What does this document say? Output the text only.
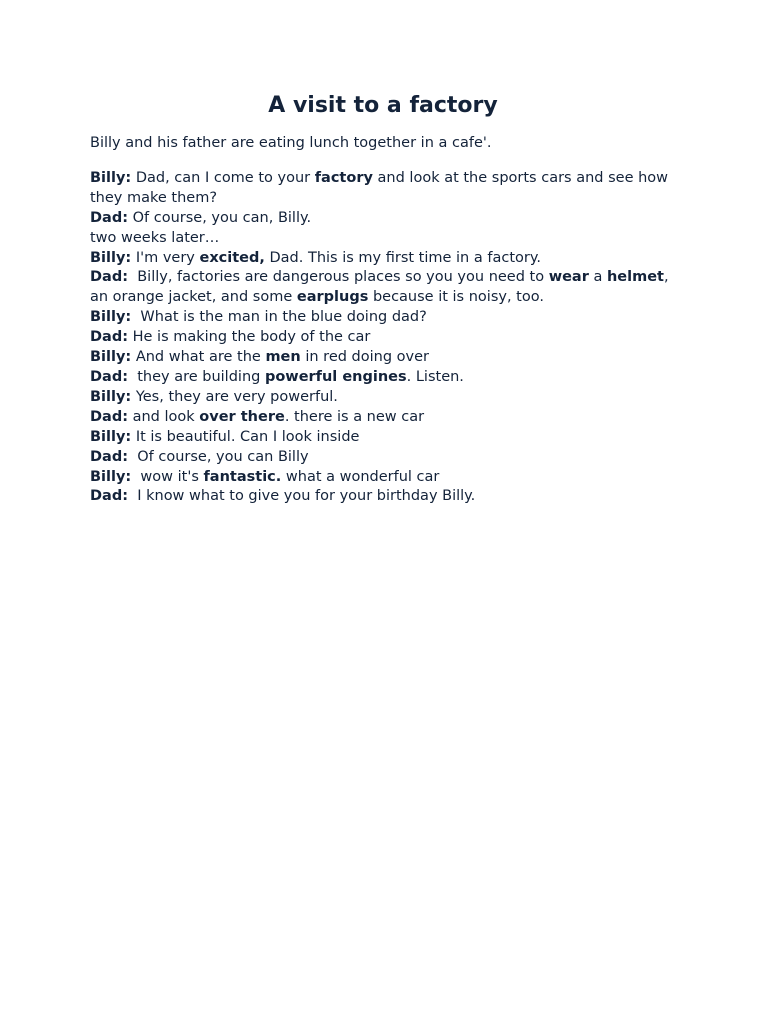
A visit to a factory

Billy and his father are eating lunch together in a cafe'.

Billy: Dad, can I come to your factory and look at the sports cars and see how they make them?

Dad: Of course, you can, Billy.

two weeks later…

Billy: I'm very excited, Dad. This is my first time in a factory.

Dad:  Billy, factories are dangerous places so you you need to wear a helmet, an orange jacket, and some earplugs because it is noisy, too.

Billy:  What is the man in the blue doing dad?

Dad: He is making the body of the car

Billy: And what are the men in red doing over

Dad:  they are building powerful engines. Listen.

Billy: Yes, they are very powerful.

Dad: and look over there. there is a new car

Billy: It is beautiful. Can I look inside

Dad:  Of course, you can Billy

Billy:  wow it's fantastic. what a wonderful car

Dad:  I know what to give you for your birthday Billy.
